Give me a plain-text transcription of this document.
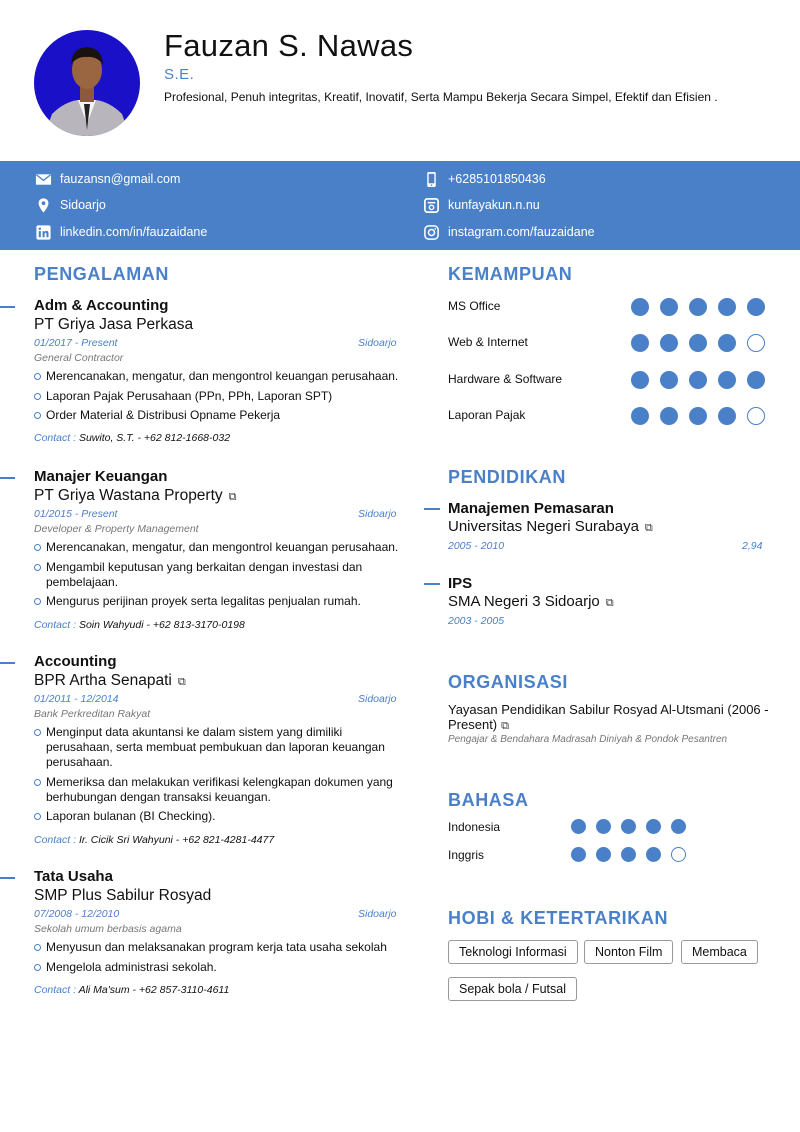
Fauzan S. Nawas
S.E.
Profesional, Penuh integritas, Kreatif, Inovatif, Serta Mampu Bekerja Secara Simpel, Efektif dan Efisien .
fauzansn@gmail.com
Sidoarjo
linkedin.com/in/fauzaidane
+6285101850436
kunfayakun.n.nu
instagram.com/fauzaidane
PENGALAMAN
Adm & Accounting
PT Griya Jasa Perkasa
01/2017 - Present	Sidoarjo
General Contractor
Merencanakan, mengatur, dan mengontrol keuangan perusahaan.
Laporan Pajak Perusahaan (PPn, PPh, Laporan SPT)
Order Material & Distribusi Opname Pekerja
Contact : Suwito, S.T. - +62 812-1668-032
Manajer Keuangan
PT Griya Wastana Property ⧉
01/2015 - Present	Sidoarjo
Developer & Property Management
Merencanakan, mengatur, dan mengontrol keuangan perusahaan.
Mengambil keputusan yang berkaitan dengan investasi dan pembelajaan.
Mengurus perijinan proyek serta legalitas penjualan rumah.
Contact : Soin Wahyudi - +62 813-3170-0198
Accounting
BPR Artha Senapati ⧉
01/2011 - 12/2014	Sidoarjo
Bank Perkreditan Rakyat
Menginput data akuntansi ke dalam sistem yang dimiliki perusahaan, serta membuat pembukuan dan laporan keuangan perusahaan.
Memeriksa dan melakukan verifikasi kelengkapan dokumen yang berhubungan dengan transaksi keuangan.
Laporan bulanan (BI Checking).
Contact : Ir. Cicik Sri Wahyuni - +62 821-4281-4477
Tata Usaha
SMP Plus Sabilur Rosyad
07/2008 - 12/2010	Sidoarjo
Sekolah umum berbasis agama
Menyusun dan melaksanakan program kerja tata usaha sekolah
Mengelola administrasi sekolah.
Contact : Ali Ma'sum - +62 857-3110-4611
KEMAMPUAN
MS Office
Web & Internet
Hardware & Software
Laporan Pajak
PENDIDIKAN
Manajemen Pemasaran
Universitas Negeri Surabaya ⧉
2005 - 2010	2,94
IPS
SMA Negeri 3 Sidoarjo ⧉
2003 - 2005
ORGANISASI
Yayasan Pendidikan Sabilur Rosyad Al-Utsmani (2006 - Present) ⧉
Pengajar & Bendahara Madrasah Diniyah & Pondok Pesantren
BAHASA
Indonesia
Inggris
HOBI & KETERTARIKAN
Teknologi Informasi	Nonton Film	Membaca
Sepak bola / Futsal
